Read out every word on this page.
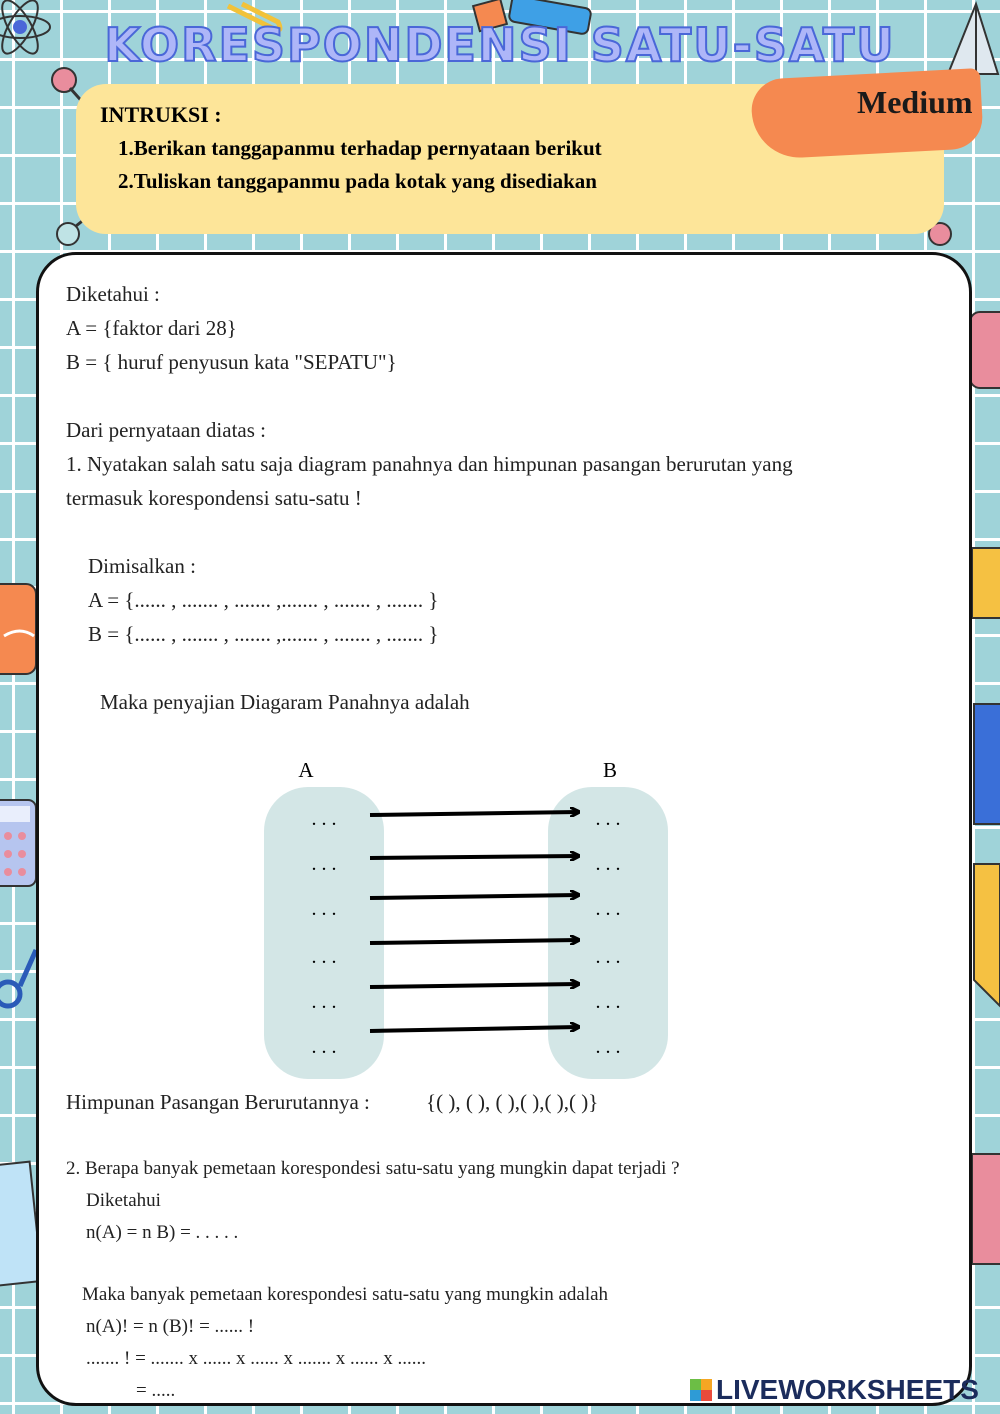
KORESPONDENSI SATU-SATU
INTRUKSI :
1.Berikan tanggapanmu terhadap pernyataan berikut
2.Tuliskan tanggapanmu pada kotak yang disediakan
Medium
Diketahui :
A = {faktor dari 28}
B = { huruf penyusun kata "SEPATU"}
Dari pernyataan diatas :
1. Nyatakan salah satu saja diagram panahnya dan himpunan pasangan berurutan yang
termasuk korespondensi satu-satu !
Dimisalkan :
A = {...... , ....... , ....... ,....... , ....... , ....... }
B = {...... , ....... , ....... ,....... , ....... , ....... }
Maka penyajian Diagaram Panahnya adalah
A	B
. . .
. . .
. . .
. . .
. . .
. . .
. . .
. . .
. . .
. . .
. . .
. . .
Himpunan Pasangan Berurutannya :	{( ), ( ), ( ),( ),( ),( )}
2. Berapa banyak pemetaan korespondesi satu-satu yang mungkin dapat terjadi ?
Diketahui
n(A) = n B) = . . . . .
Maka banyak pemetaan korespondesi satu-satu yang mungkin adalah
n(A)! = n (B)! = ...... !
....... ! = ....... x ...... x ...... x ....... x ...... x ......
= .....	LIVEWORKSHEETS
